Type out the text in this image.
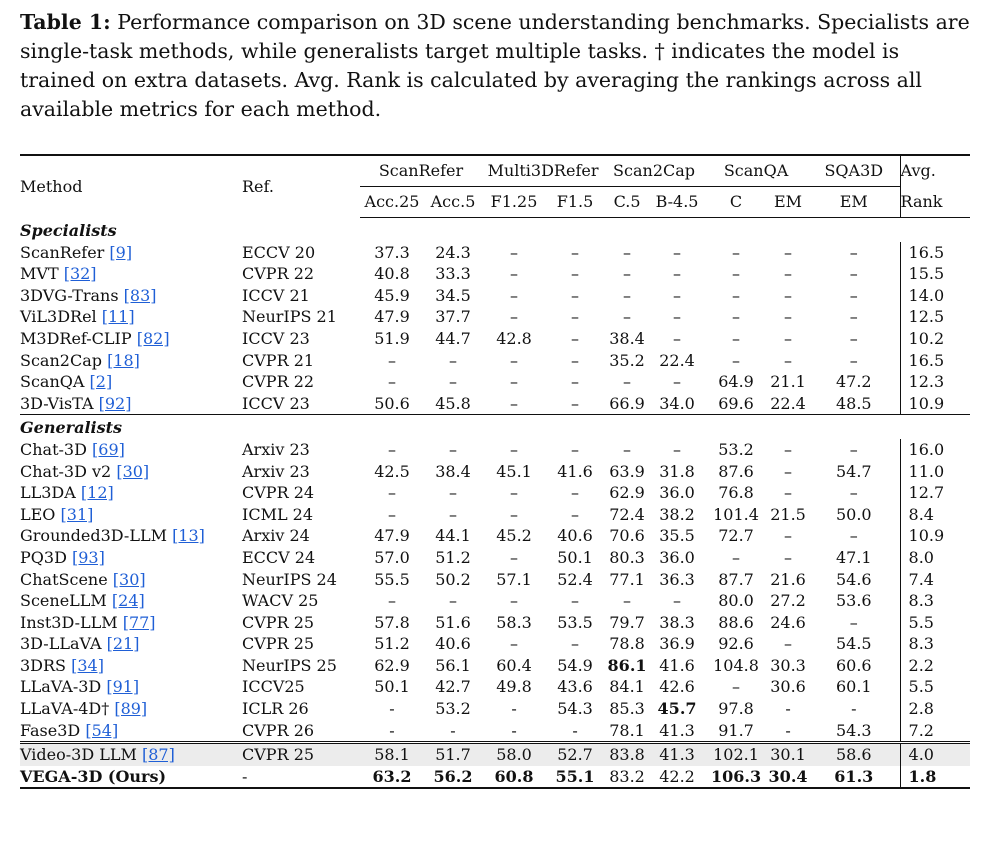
Table 1: Performance comparison on 3D scene understanding benchmarks. Specialists are single-task methods, while generalists target multiple tasks. † indicates the model is trained on extra datasets. Avg. Rank is calculated by averaging the rankings across all available metrics for each method.
Method	Ref.	ScanRefer		Multi3DRefer		Scan2Cap		ScanQA		SQA3D	Avg.
		Acc.25	Acc.5	F1.25	F1.5	C.5	B-4.5	C	EM	EM	Rank
Specialists											
ScanRefer [9]	ECCV 20	37.3	24.3	–	–	–	–	–	–	–	16.5
MVT [32]	CVPR 22	40.8	33.3	–	–	–	–	–	–	–	15.5
3DVG-Trans [83]	ICCV 21	45.9	34.5	–	–	–	–	–	–	–	14.0
ViL3DRel [11]	NeurIPS 21	47.9	37.7	–	–	–	–	–	–	–	12.5
M3DRef-CLIP [82]	ICCV 23	51.9	44.7	42.8	–	38.4	–	–	–	–	10.2
Scan2Cap [18]	CVPR 21	–	–	–	–	35.2	22.4	–	–	–	16.5
ScanQA [2]	CVPR 22	–	–	–	–	–	–	64.9	21.1	47.2	12.3
3D-VisTA [92]	ICCV 23	50.6	45.8	–	–	66.9	34.0	69.6	22.4	48.5	10.9
Generalists											
Chat-3D [69]	Arxiv 23	–	–	–	–	–	–	53.2	–	–	16.0
Chat-3D v2 [30]	Arxiv 23	42.5	38.4	45.1	41.6	63.9	31.8	87.6	–	54.7	11.0
LL3DA [12]	CVPR 24	–	–	–	–	62.9	36.0	76.8	–	–	12.7
LEO [31]	ICML 24	–	–	–	–	72.4	38.2	101.4	21.5	50.0	8.4
Grounded3D-LLM [13]	Arxiv 24	47.9	44.1	45.2	40.6	70.6	35.5	72.7	–	–	10.9
PQ3D [93]	ECCV 24	57.0	51.2	–	50.1	80.3	36.0	–	–	47.1	8.0
ChatScene [30]	NeurIPS 24	55.5	50.2	57.1	52.4	77.1	36.3	87.7	21.6	54.6	7.4
SceneLLM [24]	WACV 25	–	–	–	–	–	–	80.0	27.2	53.6	8.3
Inst3D-LLM [77]	CVPR 25	57.8	51.6	58.3	53.5	79.7	38.3	88.6	24.6	–	5.5
3D-LLaVA [21]	CVPR 25	51.2	40.6	–	–	78.8	36.9	92.6	–	54.5	8.3
3DRS [34]	NeurIPS 25	62.9	56.1	60.4	54.9	86.1	41.6	104.8	30.3	60.6	2.2
LLaVA-3D [91]	ICCV25	50.1	42.7	49.8	43.6	84.1	42.6	–	30.6	60.1	5.5
LLaVA-4D† [89]	ICLR 26	-	53.2	-	54.3	85.3	45.7	97.8	-	-	2.8
Fase3D [54]	CVPR 26	-	-	-	-	78.1	41.3	91.7	-	54.3	7.2
Video-3D LLM [87]	CVPR 25	58.1	51.7	58.0	52.7	83.8	41.3	102.1	30.1	58.6	4.0
VEGA-3D (Ours)	-	63.2	56.2	60.8	55.1	83.2	42.2	106.3	30.4	61.3	1.8
